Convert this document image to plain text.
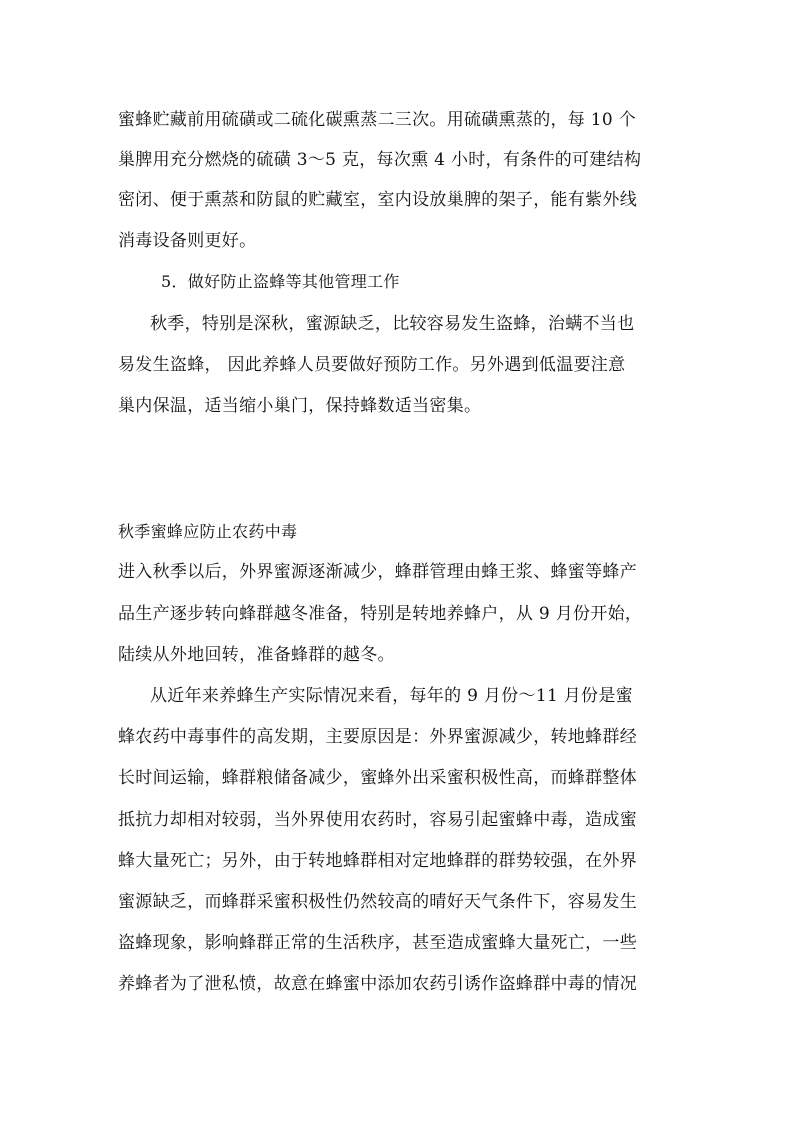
蜜蜂贮藏前用硫磺或二硫化碳熏蒸二三次。用硫磺熏蒸的，每 10 个
巢脾用充分燃烧的硫磺 3～5 克，每次熏 4 小时，有条件的可建结构
密闭、便于熏蒸和防鼠的贮藏室，室内设放巢脾的架子，能有紫外线
消毒设备则更好。
5．做好防止盗蜂等其他管理工作
秋季，特别是深秋，蜜源缺乏，比较容易发生盗蜂，治螨不当也
易发生盗蜂， 因此养蜂人员要做好预防工作。另外遇到低温要注意
巢内保温，适当缩小巢门，保持蜂数适当密集。
秋季蜜蜂应防止农药中毒
进入秋季以后，外界蜜源逐渐减少，蜂群管理由蜂王浆、蜂蜜等蜂产
品生产逐步转向蜂群越冬准备，特别是转地养蜂户，从 9 月份开始，
陆续从外地回转，准备蜂群的越冬。
从近年来养蜂生产实际情况来看，每年的 9 月份～11 月份是蜜
蜂农药中毒事件的高发期，主要原因是：外界蜜源减少，转地蜂群经
长时间运输，蜂群粮储备减少，蜜蜂外出采蜜积极性高，而蜂群整体
抵抗力却相对较弱，当外界使用农药时，容易引起蜜蜂中毒，造成蜜
蜂大量死亡；另外，由于转地蜂群相对定地蜂群的群势较强，在外界
蜜源缺乏，而蜂群采蜜积极性仍然较高的晴好天气条件下，容易发生
盗蜂现象，影响蜂群正常的生活秩序，甚至造成蜜蜂大量死亡，一些
养蜂者为了泄私愤，故意在蜂蜜中添加农药引诱作盗蜂群中毒的情况
